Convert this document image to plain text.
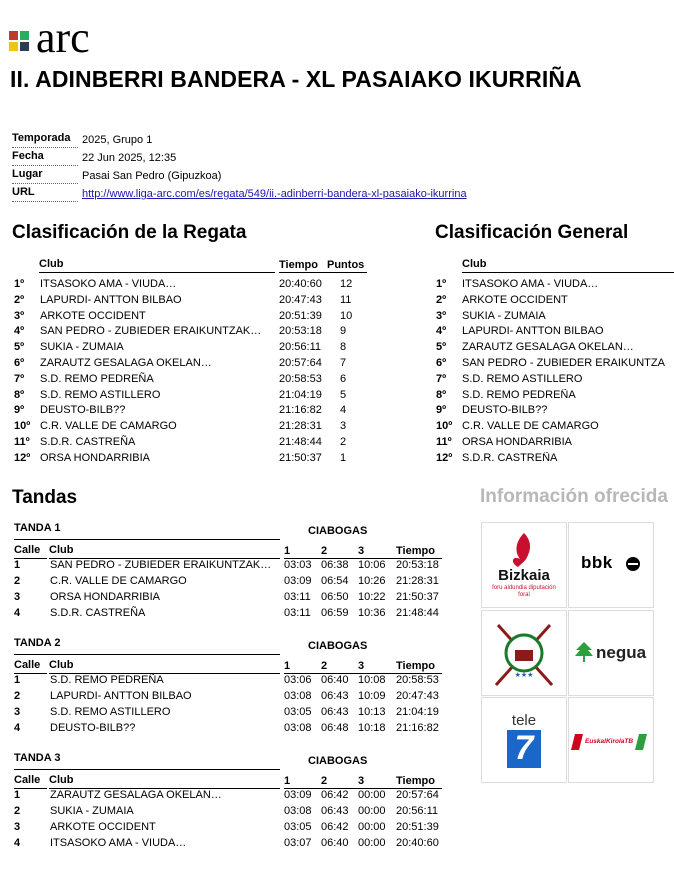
arc
II. ADINBERRI BANDERA - XL PASAIAKO IKURRIÑA
Temporada	2025, Grupo 1
Fecha	22 Jun 2025, 12:35
Lugar	Pasai San Pedro (Gipuzkoa)
URL	http://www.liga-arc.com/es/regata/549/ii.-adinberri-bandera-xl-pasaiako-ikurrina
Clasificación de la Regata
Club	Tiempo Puntos
1º ITSASOKO AMA - VIUDA…	20:40:60 12
2º LAPURDI- ANTTON BILBAO	20:47:43 11
3º ARKOTE OCCIDENT	20:51:39 10
4º SAN PEDRO - ZUBIEDER ERAIKUNTZAK… 20:53:18 9
5º SUKIA - ZUMAIA	20:56:11 8
6º ZARAUTZ GESALAGA OKELAN…	20:57:64 7
7º S.D. REMO PEDREÑA	20:58:53 6
8º S.D. REMO ASTILLERO	21:04:19 5
9º DEUSTO-BILB??	21:16:82 4
10º C.R. VALLE DE CAMARGO	21:28:31 3
11º S.D.R. CASTREÑA	21:48:44 2
12º ORSA HONDARRIBIA	21:50:37 1
Clasificación General
Club
1º ITSASOKO AMA - VIUDA…
2º ARKOTE OCCIDENT
3º SUKIA - ZUMAIA
4º LAPURDI- ANTTON BILBAO
5º ZARAUTZ GESALAGA OKELAN…
6º SAN PEDRO - ZUBIEDER ERAIKUNTZA
7º S.D. REMO ASTILLERO
8º S.D. REMO PEDREÑA
9º DEUSTO-BILB??
10º C.R. VALLE DE CAMARGO
11º ORSA HONDARRIBIA
12º S.D.R. CASTREÑA
Tandas
TANDA 1	CIABOGAS
Calle Club	1	2	3	Tiempo
1	SAN PEDRO - ZUBIEDER ERAIKUNTZAK… 03:03 06:38 10:06 20:53:18
2	C.R. VALLE DE CAMARGO	03:09 06:54 10:26 21:28:31
3	ORSA HONDARRIBIA	03:11 06:50 10:22 21:50:37
4	S.D.R. CASTREÑA	03:11 06:59 10:36 21:48:44
TANDA 2	CIABOGAS
Calle Club	1	2	3	Tiempo
1	S.D. REMO PEDREÑA	03:06 06:40 10:08 20:58:53
2	LAPURDI- ANTTON BILBAO	03:08 06:43 10:09 20:47:43
3	S.D. REMO ASTILLERO	03:05 06:43 10:13 21:04:19
4	DEUSTO-BILB??	03:08 06:48 10:18 21:16:82
TANDA 3	CIABOGAS
Calle Club	1	2	3	Tiempo
1	ZARAUTZ GESALAGA OKELAN…	03:09 06:42 00:00 20:57:64
2	SUKIA - ZUMAIA	03:08 06:43 00:00 20:56:11
3	ARKOTE OCCIDENT	03:05 06:42 00:00 20:51:39
4	ITSASOKO AMA - VIUDA…	03:07 06:40 00:00 20:40:60
Información ofrecida
Bizkaia
foru aldundia diputación foral
bbk
★★★
negua
tele
7	EuskalKirolaTB
